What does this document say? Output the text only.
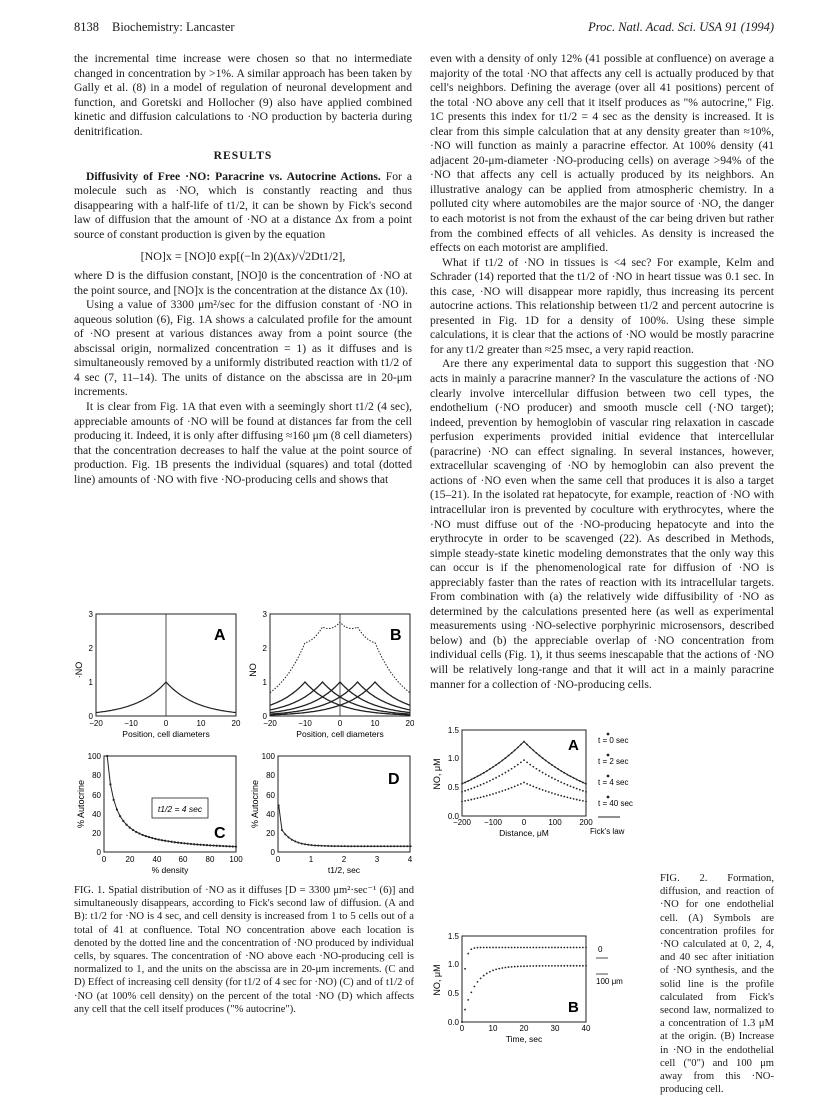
8138 Biochemistry: Lancaster	Proc. Natl. Acad. Sci. USA 91 (1994)

the incremental time increase were chosen so that no intermediate changed in concentration by >1%. A similar approach has been taken by Gally et al. (8) in a model of regulation of neuronal development and function, and Goretski and Hollocher (9) also have applied combined kinetic and diffusion calculations to ·NO production by bacteria during denitrification.

RESULTS

Diffusivity of Free ·NO: Paracrine vs. Autocrine Actions. For a molecule such as ·NO, which is constantly reacting and thus disappearing with a half-life of t1/2, it can be shown by Fick's second law of diffusion that the amount of ·NO at a distance Δx from a point source of constant production is given by the equation

[NO]x = [NO]0 exp[(−ln 2)(Δx)/√2Dt1/2],

where D is the diffusion constant, [NO]0 is the concentration of ·NO at the point source, and [NO]x is the concentration at the distance Δx (10).

Using a value of 3300 μm²/sec for the diffusion constant of ·NO in aqueous solution (6), Fig. 1A shows a calculated profile for the amount of ·NO present at various distances away from a point source (the abscissal origin, normalized concentration = 1) as it diffuses and is simultaneously removed by a uniformly distributed reaction with t1/2 of 4 sec (7, 11–14). The units of distance on the abscissa are in 20-μm increments.

It is clear from Fig. 1A that even with a seemingly short t1/2 (4 sec), appreciable amounts of ·NO will be found at distances far from the cell producing it. Indeed, it is only after diffusing ≈160 μm (8 cell diameters) that the concentration decreases to half the value at the point source of production. Fig. 1B presents the individual (squares) and total (dotted line) amounts of ·NO with five ·NO-producing cells and shows that

even with a density of only 12% (41 possible at confluence) on average a majority of the total ·NO that affects any cell is actually produced by that cell's neighbors. Defining the average (over all 41 positions) percent of the total ·NO above any cell that it itself produces as "% autocrine," Fig. 1C presents this index for t1/2 = 4 sec as the density is increased. It is clear from this simple calculation that at any density greater than ≈10%, ·NO will function as mainly a paracrine effector. At 100% density (41 adjacent 20-μm-diameter ·NO-producing cells) on average >94% of the ·NO that affects any cell is actually produced by its neighbors. An illustrative analogy can be applied from atmospheric chemistry. In a polluted city where automobiles are the major source of ·NO, the danger to each motorist is not from the exhaust of the car being driven but rather from the combined effects of all vehicles. As density is increased the effects on each motorist are amplified.

What if t1/2 of ·NO in tissues is <4 sec? For example, Kelm and Schrader (14) reported that the t1/2 of ·NO in heart tissue was 0.1 sec. In this case, ·NO will disappear more rapidly, thus increasing its percent autocrine actions. This relationship between t1/2 and percent autocrine is presented in Fig. 1D for a density of 100%. Using these simple calculations, it is clear that the actions of ·NO would be mostly paracrine for any t1/2 greater than ≈25 msec, a very rapid reaction.

Are there any experimental data to support this suggestion that ·NO acts in mainly a paracrine manner? In the vasculature the actions of ·NO clearly involve intercellular diffusion between two cell types, the endothelium (·NO producer) and smooth muscle cell (·NO target); indeed, prevention by hemoglobin of vascular ring relaxation in cascade perfusion experiments provided initial evidence that intercellular (paracrine) ·NO can effect signaling. In several instances, however, extracellular scavenging of ·NO by hemoglobin can also prevent the actions of ·NO even when the same cell that produces it is also a target (15–21). In the isolated rat hepatocyte, for example, reaction of ·NO with intracellular iron is prevented by coculture with erythrocytes, where the ·NO must diffuse out of the ·NO-producing hepatocyte and into the erythrocyte in order to be scavenged (22). As described in Methods, simple steady-state kinetic modeling demonstrates that the only way this can occur is if the phenomenological rate for diffusion of ·NO is appreciably faster than the rates of reaction with its intracellular targets. From combination with (a) the relatively wide diffusibility of ·NO as determined by the calculations presented here (as well as experimental measurements using ·NO-selective porphyrinic microsensors, described below) and (b) the appreciable overlap of ·NO concentration from individual cells (Fig. 1), it thus seems inescapable that the actions of ·NO will be relatively long-range and that it will act in a mainly paracrine manner for a collection of ·NO-producing cells.

A
·NO
0
1
2
3
−20	−10	0	10	20
Position, cell diameters
B
NO
0
1
2
3
−20	−10	0	10	20
Position, cell diameters
t1/2 = 4 sec
C
% Autocrine
0
20
40
60
80
100
0 20 40 60 80 100
% density
D
% Autocrine
0
20
40
60
80
100
0	1	2	3	4
t1/2, sec
A
NO, μM
0.0
0.5
1.0
1.5
−200 −100 0	100 200
Distance, μM
t = 0 sec
t = 2 sec
t = 4 sec
t = 40 sec
Fick's law
0
100 μm
B
NO, μM
0.0
0.5
1.0
1.5
0	10	20	30	40
Time, sec
FIG. 1. Spatial distribution of ·NO as it diffuses [D = 3300 μm²·sec⁻¹ (6)] and simultaneously disappears, according to Fick's second law of diffusion. (A and B): t1/2 for ·NO is 4 sec, and cell density is increased from 1 to 5 cells out of a total of 41 at confluence. Total NO concentration above each location is denoted by the dotted line and the concentration of ·NO produced by individual cells, by squares. The concentration of ·NO above each ·NO-producing cell is normalized to 1, and the units on the abscissa are in 20-μm increments. (C and D) Effect of increasing cell density (for t1/2 of 4 sec for ·NO) (C) and of t1/2 of ·NO (at 100% cell density) on the percent of the total ·NO (D) which affects any cell that the cell itself produces ("% autocrine").
FIG. 2. Formation, diffusion, and reaction of ·NO for one endothelial cell. (A) Symbols are concentration profiles for ·NO calculated at 0, 2, 4, and 40 sec after initiation of ·NO synthesis, and the solid line is the profile calculated from Fick's second law, normalized to a concentration of 1.3 μM at the origin. (B) Increase in ·NO in the endothelial cell ("0") and 100 μm away from this ·NO-producing cell.
